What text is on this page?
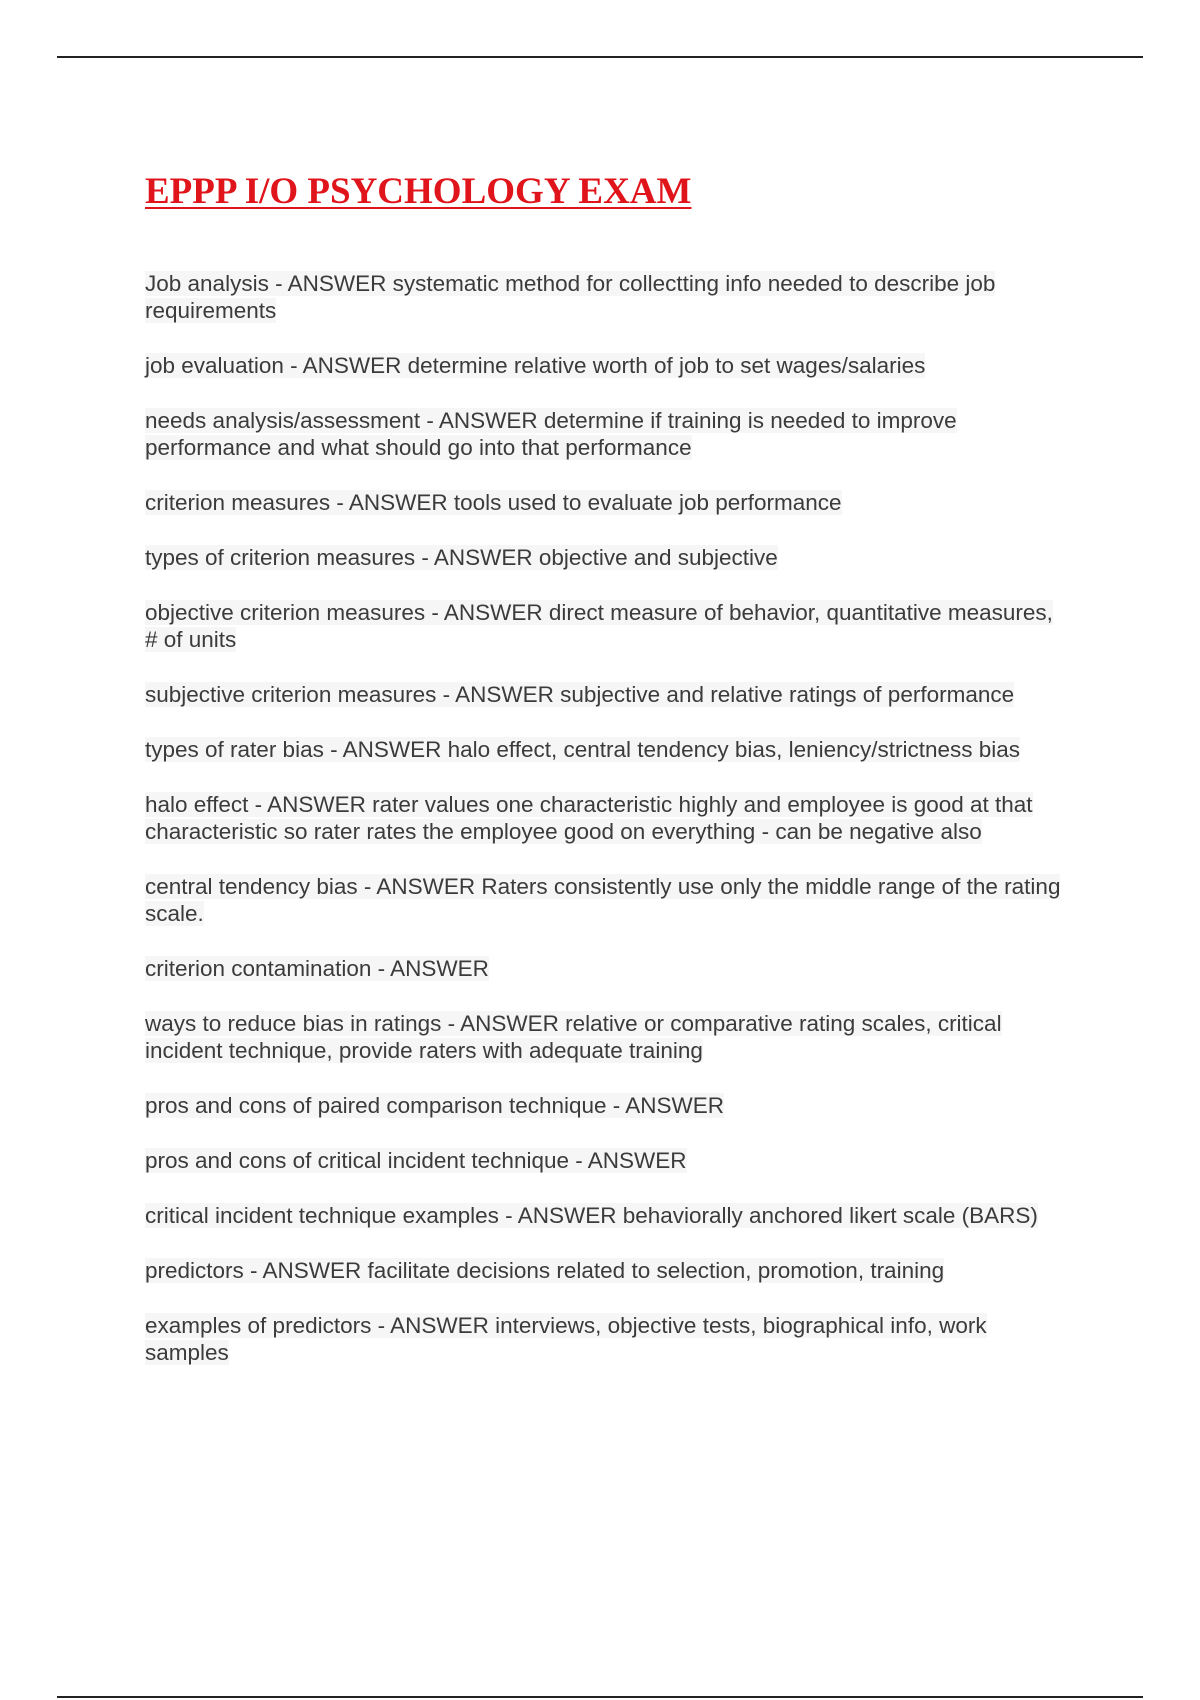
EPPP I/O PSYCHOLOGY EXAM
Job analysis - ANSWER systematic method for collectting info needed to describe job requirements
job evaluation - ANSWER determine relative worth of job to set wages/salaries
needs analysis/assessment - ANSWER determine if training is needed to improve performance and what should go into that performance
criterion measures - ANSWER tools used to evaluate job performance
types of criterion measures - ANSWER objective and subjective
objective criterion measures - ANSWER direct measure of behavior, quantitative measures, # of units
subjective criterion measures - ANSWER subjective and relative ratings of performance
types of rater bias - ANSWER halo effect, central tendency bias, leniency/strictness bias
halo effect - ANSWER rater values one characteristic highly and employee is good at that characteristic so rater rates the employee good on everything - can be negative also
central tendency bias - ANSWER Raters consistently use only the middle range of the rating scale.
criterion contamination - ANSWER
ways to reduce bias in ratings - ANSWER relative or comparative rating scales, critical incident technique, provide raters with adequate training
pros and cons of paired comparison technique - ANSWER
pros and cons of critical incident technique - ANSWER
critical incident technique examples - ANSWER behaviorally anchored likert scale (BARS)
predictors - ANSWER facilitate decisions related to selection, promotion, training
examples of predictors - ANSWER interviews, objective tests, biographical info, work samples
